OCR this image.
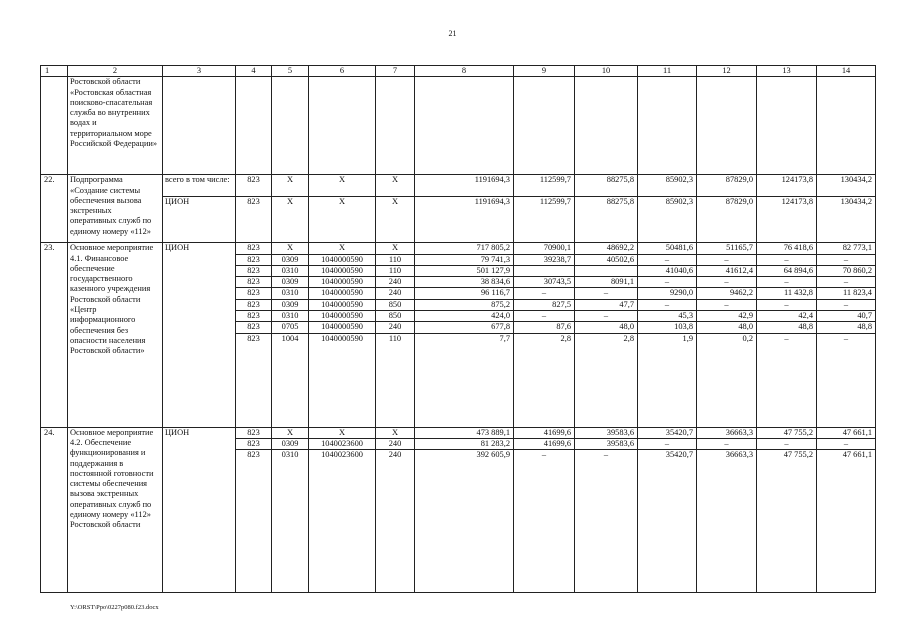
21
1	2	3	4	5	6	7	8	9	10	11	12	13	14
	Ростовской области «Ростовская областная поисково-спасательная служба во внутренних водах и территориальном море Российской Федерации»												
22.	Подпрограмма «Создание системы обеспечения вызова экстренных оперативных служб по единому номеру «112»	всего в том числе:	823	Х	Х	Х	1191694,3	112599,7	88275,8	85902,3	87829,0	124173,8	130434,2
		ЦИОН	823	Х	Х	Х	1191694,3	112599,7	88275,8	85902,3	87829,0	124173,8	130434,2
23.	Основное мероприятие 4.1. Финансовое обеспечение государственного казенного учреждения Ростовской области «Центр информационного обеспечения без опасности населения Ростовской области»	ЦИОН	823	Х	Х	Х	717 805,2	70900,1	48692,2	50481,6	51165,7	76 418,6	82 773,1
			823	0309	1040000590	110	79 741,3	39238,7	40502,6	–	–	–	–
			823	0310	1040000590	110	501 127,9			41040,6	41612,4	64 894,6	70 860,2
			823	0309	1040000590	240	38 834,6	30743,5	8091,1	–	–	–	–
			823	0310	1040000590	240	96 116,7	–	–	9290,0	9462,2	11 432,8	11 823,4
			823	0309	1040000590	850	875,2	827,5	47,7	–	–	–	–
			823	0310	1040000590	850	424,0	–	–	45,3	42,9	42,4	40,7
			823	0705	1040000590	240	677,8	87,6	48,0	103,8	48,0	48,8	48,8
			823	1004	1040000590	110	7,7	2,8	2,8	1,9	0,2	–	–
24.	Основное мероприятие 4.2. Обеспечение функционирования и поддержания в постоянной готовности системы обеспечения вызова экстренных оперативных служб по единому номеру «112» Ростовской области	ЦИОН	823	Х	Х	Х	473 889,1	41699,6	39583,6	35420,7	36663,3	47 755,2	47 661,1
			823	0309	1040023600	240	81 283,2	41699,6	39583,6	–	–	–	–
			823	0310	1040023600	240	392 605,9	–	–	35420,7	36663,3	47 755,2	47 661,1
Y:\ORST\Ppo\0227p080.f23.docx
